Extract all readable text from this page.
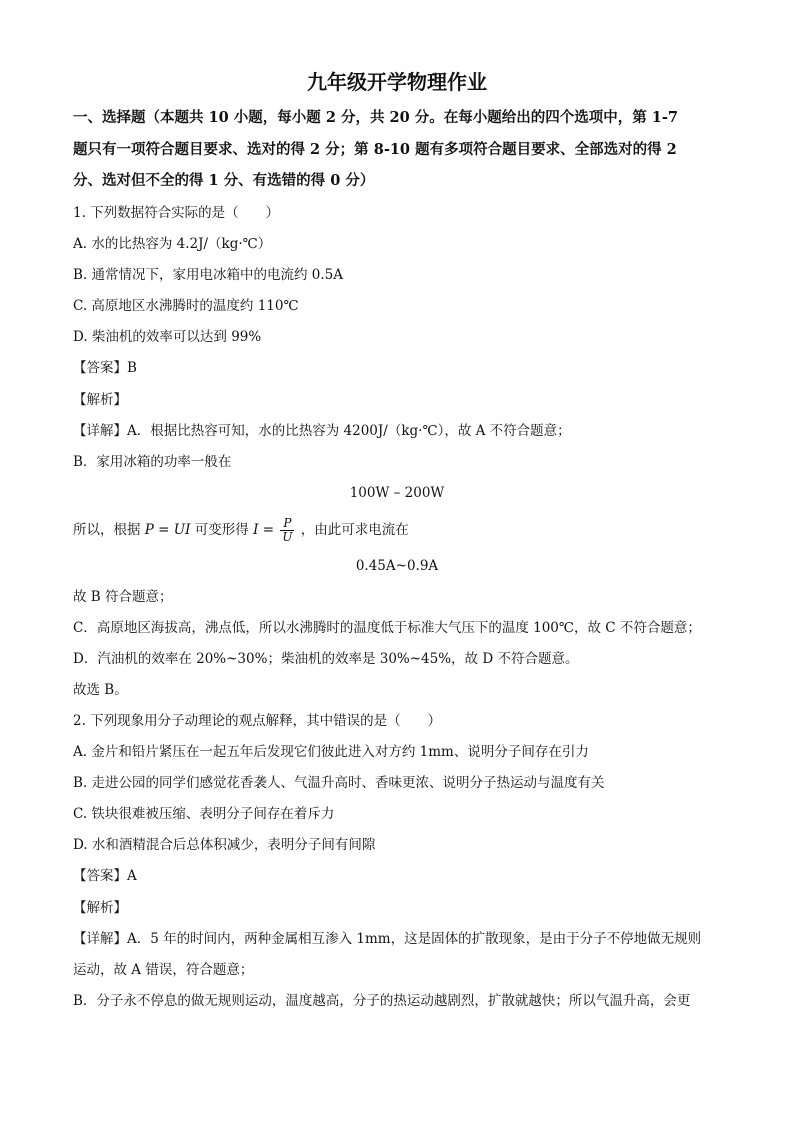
九年级开学物理作业
一、选择题（本题共 10 小题，每小题 2 分，共 20 分。在每小题给出的四个选项中，第 1-7
题只有一项符合题目要求、选对的得 2 分；第 8-10 题有多项符合题目要求、全部选对的得 2
分、选对但不全的得 1 分、有选错的得 0 分）
1. 下列数据符合实际的是（　　）
A. 水的比热容为 4.2J/（kg·℃）
B. 通常情况下，家用电冰箱中的电流约 0.5A
C. 高原地区水沸腾时的温度约 110℃
D. 柴油机的效率可以达到 99%
【答案】B
【解析】
【详解】A．根据比热容可知，水的比热容为 4200J/（kg·℃），故 A 不符合题意；
B．家用冰箱的功率一般在
100W – 200W
所以，根据 P = UI 可变形得 $I = \frac{P}{U}$ ，由此可求电流在
0.45A~0.9A
故 B 符合题意；
C．高原地区海拔高，沸点低，所以水沸腾时的温度低于标准大气压下的温度 100℃，故 C 不符合题意；
D．汽油机的效率在 20%~30%；柴油机的效率是 30%~45%，故 D 不符合题意。
故选 B。
2. 下列现象用分子动理论的观点解释，其中错误的是（　　）
A. 金片和铅片紧压在一起五年后发现它们彼此进入对方约 1mm、说明分子间存在引力
B. 走进公园的同学们感觉花香袭人、气温升高时、香味更浓、说明分子热运动与温度有关
C. 铁块很难被压缩、表明分子间存在着斥力
D. 水和酒精混合后总体积减少，表明分子间有间隙
【答案】A
【解析】
【详解】A．5 年的时间内，两种金属相互渗入 1mm，这是固体的扩散现象，是由于分子不停地做无规则
运动，故 A 错误，符合题意；
B．分子永不停息的做无规则运动，温度越高，分子的热运动越剧烈，扩散就越快；所以气温升高，会更
